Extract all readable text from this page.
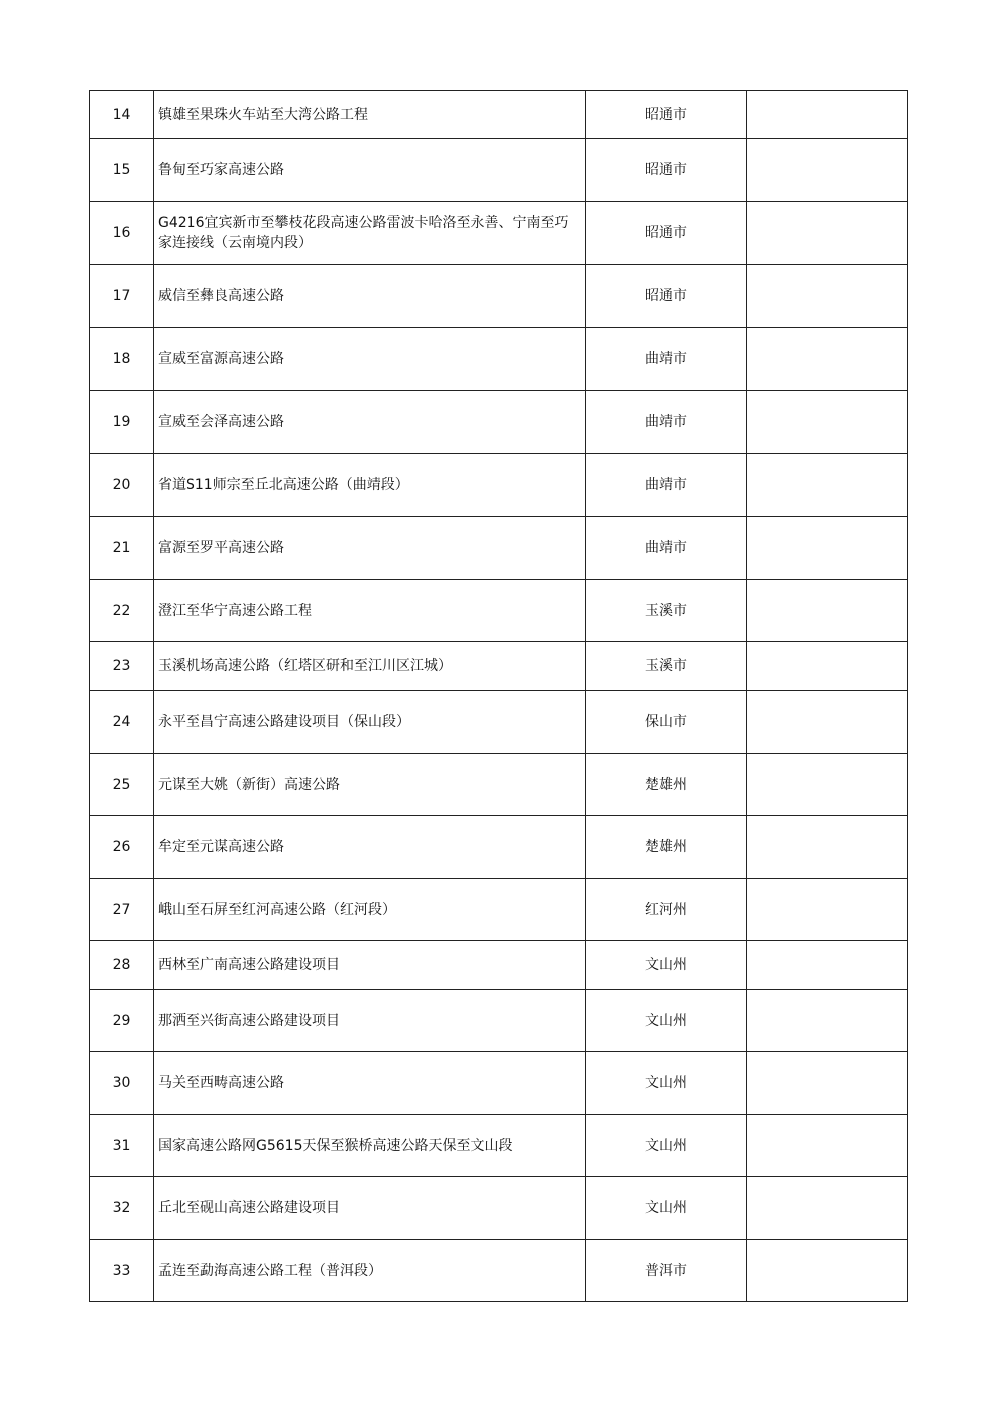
14	镇雄至果珠火车站至大湾公路工程	昭通市	
15	鲁甸至巧家高速公路	昭通市	
16	G4216宜宾新市至攀枝花段高速公路雷波卡哈洛至永善、宁南至巧家连接线（云南境内段）	昭通市	
17	威信至彝良高速公路	昭通市	
18	宣威至富源高速公路	曲靖市	
19	宣威至会泽高速公路	曲靖市	
20	省道S11师宗至丘北高速公路（曲靖段）	曲靖市	
21	富源至罗平高速公路	曲靖市	
22	澄江至华宁高速公路工程	玉溪市	
23	玉溪机场高速公路（红塔区研和至江川区江城）	玉溪市	
24	永平至昌宁高速公路建设项目（保山段）	保山市	
25	元谋至大姚（新街）高速公路	楚雄州	
26	牟定至元谋高速公路	楚雄州	
27	峨山至石屏至红河高速公路（红河段）	红河州	
28	西林至广南高速公路建设项目	文山州	
29	那洒至兴街高速公路建设项目	文山州	
30	马关至西畴高速公路	文山州	
31	国家高速公路网G5615天保至猴桥高速公路天保至文山段	文山州	
32	丘北至砚山高速公路建设项目	文山州	
33	孟连至勐海高速公路工程（普洱段）	普洱市	
